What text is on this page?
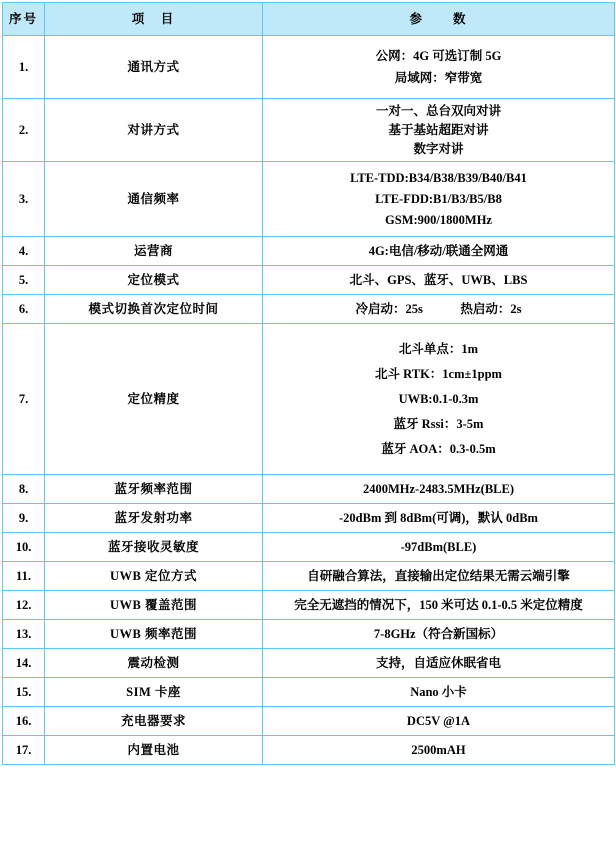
序号	项　目	参　　数
1.	通讯方式	公网：4G 可选订制 5G
局域网：窄带宽

2.	对讲方式	一对一、总台双向对讲
基于基站超距对讲
数字对讲

3.	通信频率	LTE-TDD:B34/B38/B39/B40/B41
LTE-FDD:B1/B3/B5/B8
GSM:900/1800MHz

4.	运营商	4G:电信/移动/联通全网通

5.	定位模式	北斗、GPS、蓝牙、UWB、LBS

6.	模式切换首次定位时间	冷启动：25s　　　热启动：2s

7.	定位精度	北斗单点：1m
北斗 RTK：1cm±1ppm
UWB:0.1-0.3m
蓝牙 Rssi：3-5m
蓝牙 AOA：0.3-0.5m

8.	蓝牙频率范围	2400MHz-2483.5MHz(BLE)

9.	蓝牙发射功率	-20dBm 到 8dBm(可调)，默认 0dBm

10.	蓝牙接收灵敏度	-97dBm(BLE)

11.	UWB 定位方式	自研融合算法，直接输出定位结果无需云端引擎

12.	UWB 覆盖范围	完全无遮挡的情况下，150 米可达 0.1-0.5 米定位精度

13.	UWB 频率范围	7-8GHz（符合新国标）

14.	震动检测	支持，自适应休眠省电

15.	SIM 卡座	Nano 小卡

16.	充电器要求	DC5V @1A

17.	内置电池	2500mAH
